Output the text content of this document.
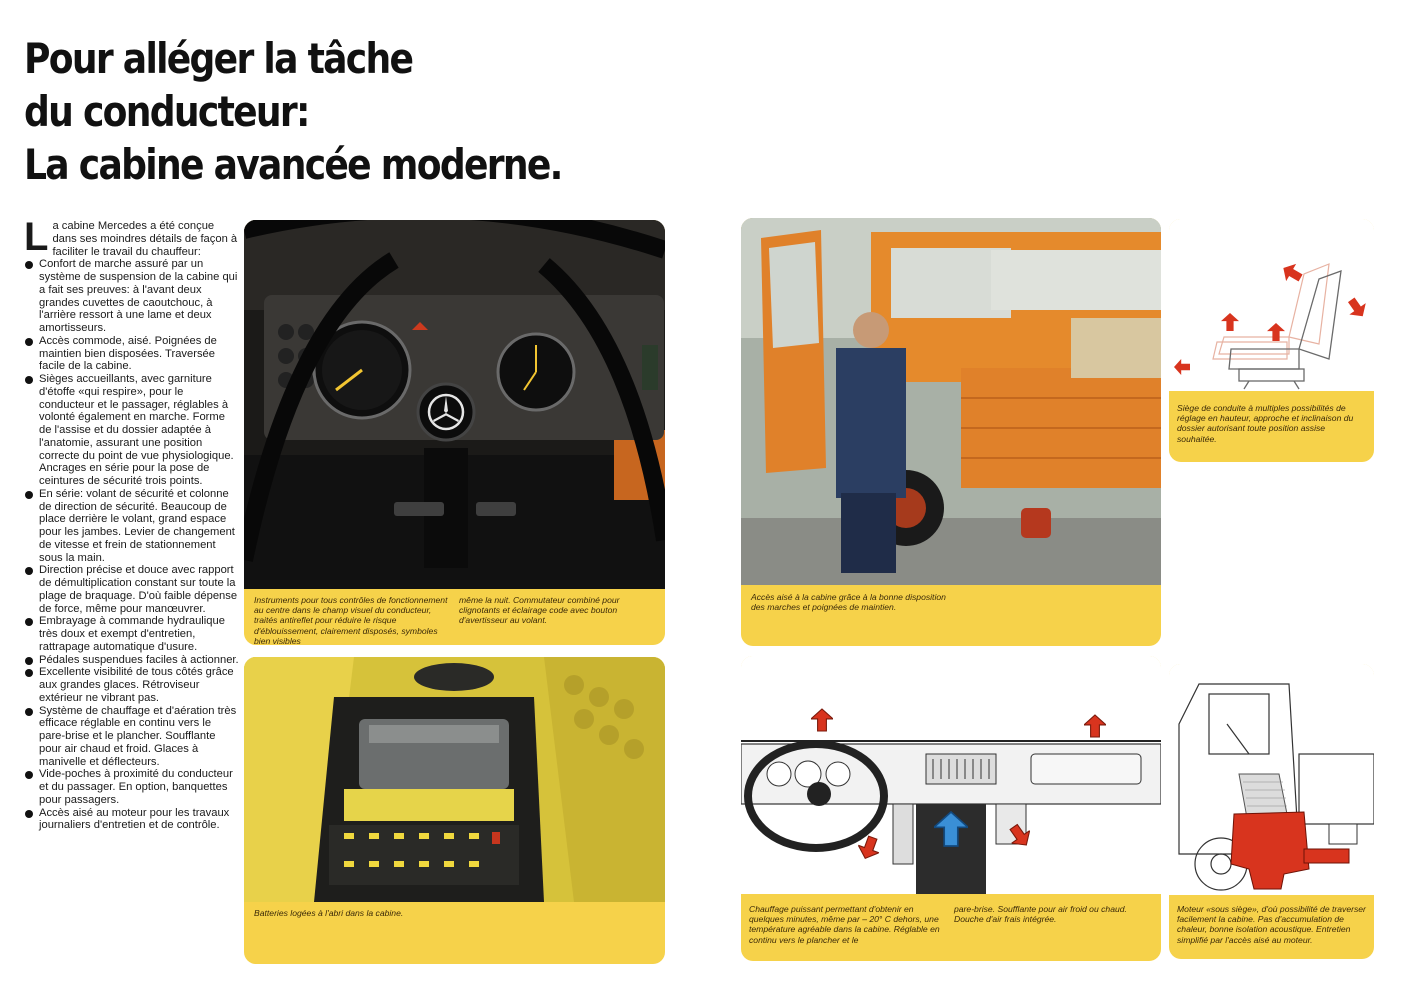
Pour alléger la tâche
du conducteur:
La cabine avancée moderne.

La cabine Mercedes a été conçue dans ses moindres détails de façon à faciliter le travail du chauffeur:

Confort de marche assuré par un système de suspension de la cabine qui a fait ses preuves: à l'avant deux grandes cuvettes de caoutchouc, à l'arrière ressort à une lame et deux amortisseurs.
Accès commode, aisé. Poignées de maintien bien disposées. Traversée facile de la cabine.
Sièges accueillants, avec garniture d'étoffe «qui respire», pour le conducteur et le passager, réglables à volonté également en marche. Forme de l'assise et du dossier adaptée à l'anatomie, assurant une position correcte du point de vue physiologique. Ancrages en série pour la pose de ceintures de sécurité trois points.
En série: volant de sécurité et colonne de direction de sécurité. Beaucoup de place derrière le volant, grand espace pour les jambes. Levier de changement de vitesse et frein de stationnement sous la main.
Direction précise et douce avec rapport de démultiplication constant sur toute la plage de braquage. D'où faible dépense de force, même pour manœuvrer.
Embrayage à commande hydraulique très doux et exempt d'entretien, rattrapage automatique d'usure.
Pédales suspendues faciles à actionner.
Excellente visibilité de tous côtés grâce aux grandes glaces. Rétroviseur extérieur ne vibrant pas.
Système de chauffage et d'aération très efficace réglable en continu vers le pare-brise et le plancher. Soufflante pour air chaud et froid. Glaces à manivelle et déflecteurs.
Vide-poches à proximité du conducteur et du passager. En option, banquettes pour passagers.
Accès aisé au moteur pour les travaux journaliers d'entretien et de contrôle.
Instruments pour tous contrôles de fonctionnement au centre dans le champ visuel du conducteur, traités antireflet pour réduire le risque d'éblouissement, clairement disposés, symboles bien visibles
même la nuit. Commutateur combiné pour clignotants et éclairage code avec bouton d'avertisseur au volant.
Batteries logées à l'abri dans la cabine.
Accès aisé à la cabine grâce à la bonne disposition des marches et poignées de maintien.
Siège de conduite à multiples possibilités de réglage en hauteur, approche et inclinaison du dossier autorisant toute position assise souhaitée.
Chauffage puissant permettant d'obtenir en quelques minutes, même par – 20° C dehors, une température agréable dans la cabine. Réglable en continu vers le plancher et le
pare-brise. Soufflante pour air froid ou chaud. Douche d'air frais intégrée.
Moteur «sous siège», d'où possibilité de traverser facilement la cabine. Pas d'accumulation de chaleur, bonne isolation acoustique. Entretien simplifié par l'accès aisé au moteur.
